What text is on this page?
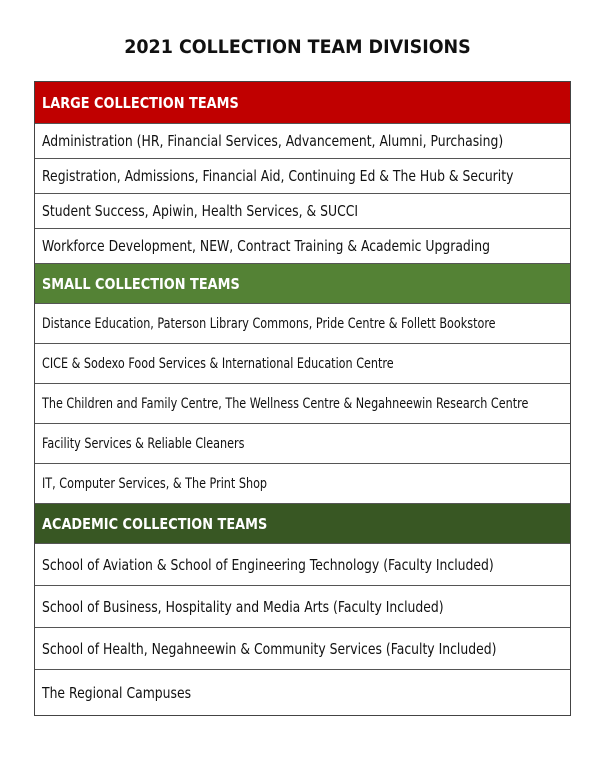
2021 COLLECTION TEAM DIVISIONS
LARGE COLLECTION TEAMS
Administration (HR, Financial Services, Advancement, Alumni, Purchasing)
Registration, Admissions, Financial Aid, Continuing Ed & The Hub & Security
Student Success, Apiwin, Health Services, & SUCCI
Workforce Development, NEW, Contract Training & Academic Upgrading
SMALL COLLECTION TEAMS
Distance Education, Paterson Library Commons, Pride Centre & Follett Bookstore
CICE & Sodexo Food Services & International Education Centre
The Children and Family Centre, The Wellness Centre & Negahneewin Research Centre
Facility Services & Reliable Cleaners
IT, Computer Services, & The Print Shop
ACADEMIC COLLECTION TEAMS
School of Aviation & School of Engineering Technology (Faculty Included)
School of Business, Hospitality and Media Arts (Faculty Included)
School of Health, Negahneewin & Community Services (Faculty Included)
The Regional Campuses
